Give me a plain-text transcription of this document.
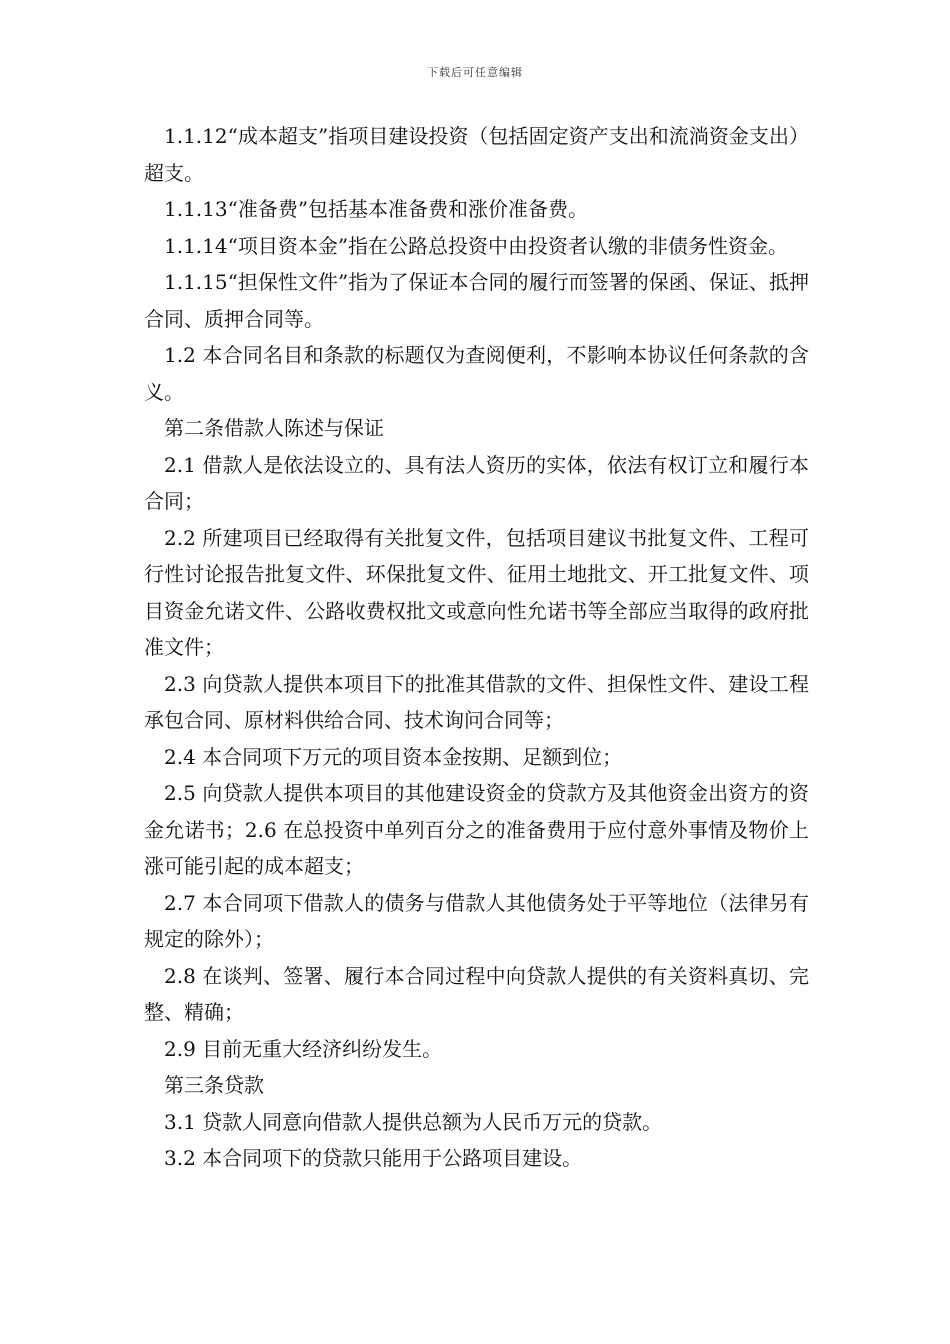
下载后可任意编辑

1.1.12“成本超支”指项目建设投资（包括固定资产支出和流淌资金支出）超支。

1.1.13“准备费”包括基本准备费和涨价准备费。

1.1.14“项目资本金”指在公路总投资中由投资者认缴的非债务性资金。

1.1.15“担保性文件”指为了保证本合同的履行而签署的保函、保证、抵押合同、质押合同等。

1.2 本合同名目和条款的标题仅为查阅便利，不影响本协议任何条款的含义。

第二条借款人陈述与保证

2.1 借款人是依法设立的、具有法人资历的实体，依法有权订立和履行本合同；

2.2 所建项目已经取得有关批复文件，包括项目建议书批复文件、工程可行性讨论报告批复文件、环保批复文件、征用土地批文、开工批复文件、项目资金允诺文件、公路收费权批文或意向性允诺书等全部应当取得的政府批准文件；

2.3 向贷款人提供本项目下的批准其借款的文件、担保性文件、建设工程承包合同、原材料供给合同、技术询问合同等；

2.4 本合同项下万元的项目资本金按期、足额到位；

2.5 向贷款人提供本项目的其他建设资金的贷款方及其他资金出资方的资金允诺书；2.6 在总投资中单列百分之的准备费用于应付意外事情及物价上涨可能引起的成本超支；

2.7 本合同项下借款人的债务与借款人其他债务处于平等地位（法律另有规定的除外）；

2.8 在谈判、签署、履行本合同过程中向贷款人提供的有关资料真切、完整、精确；

2.9 目前无重大经济纠纷发生。

第三条贷款

3.1 贷款人同意向借款人提供总额为人民币万元的贷款。

3.2 本合同项下的贷款只能用于公路项目建设。
